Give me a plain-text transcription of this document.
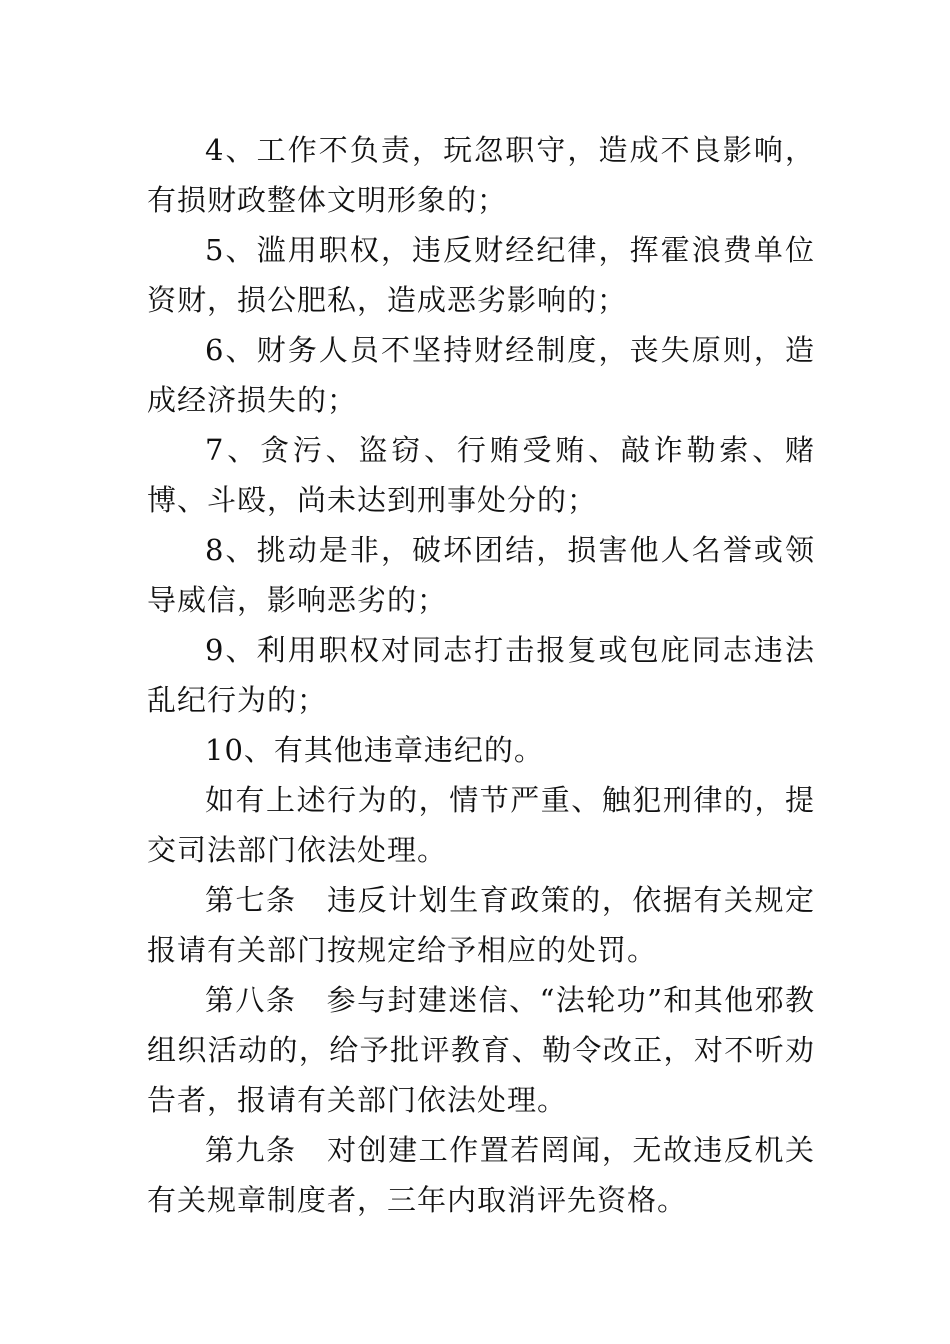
4、工作不负责，玩忽职守，造成不良影响，有损财政整体文明形象的；

5、滥用职权，违反财经纪律，挥霍浪费单位资财，损公肥私，造成恶劣影响的；

6、财务人员不坚持财经制度，丧失原则，造成经济损失的；

7、贪污、盗窃、行贿受贿、敲诈勒索、赌博、斗殴，尚未达到刑事处分的；

8、挑动是非，破坏团结，损害他人名誉或领导威信，影响恶劣的；

9、利用职权对同志打击报复或包庇同志违法乱纪行为的；

10、有其他违章违纪的。

如有上述行为的，情节严重、触犯刑律的，提交司法部门依法处理。

第七条　违反计划生育政策的，依据有关规定报请有关部门按规定给予相应的处罚。

第八条　参与封建迷信、“法轮功”和其他邪教组织活动的，给予批评教育、勒令改正，对不听劝告者，报请有关部门依法处理。

第九条　对创建工作置若罔闻，无故违反机关有关规章制度者，三年内取消评先资格。
